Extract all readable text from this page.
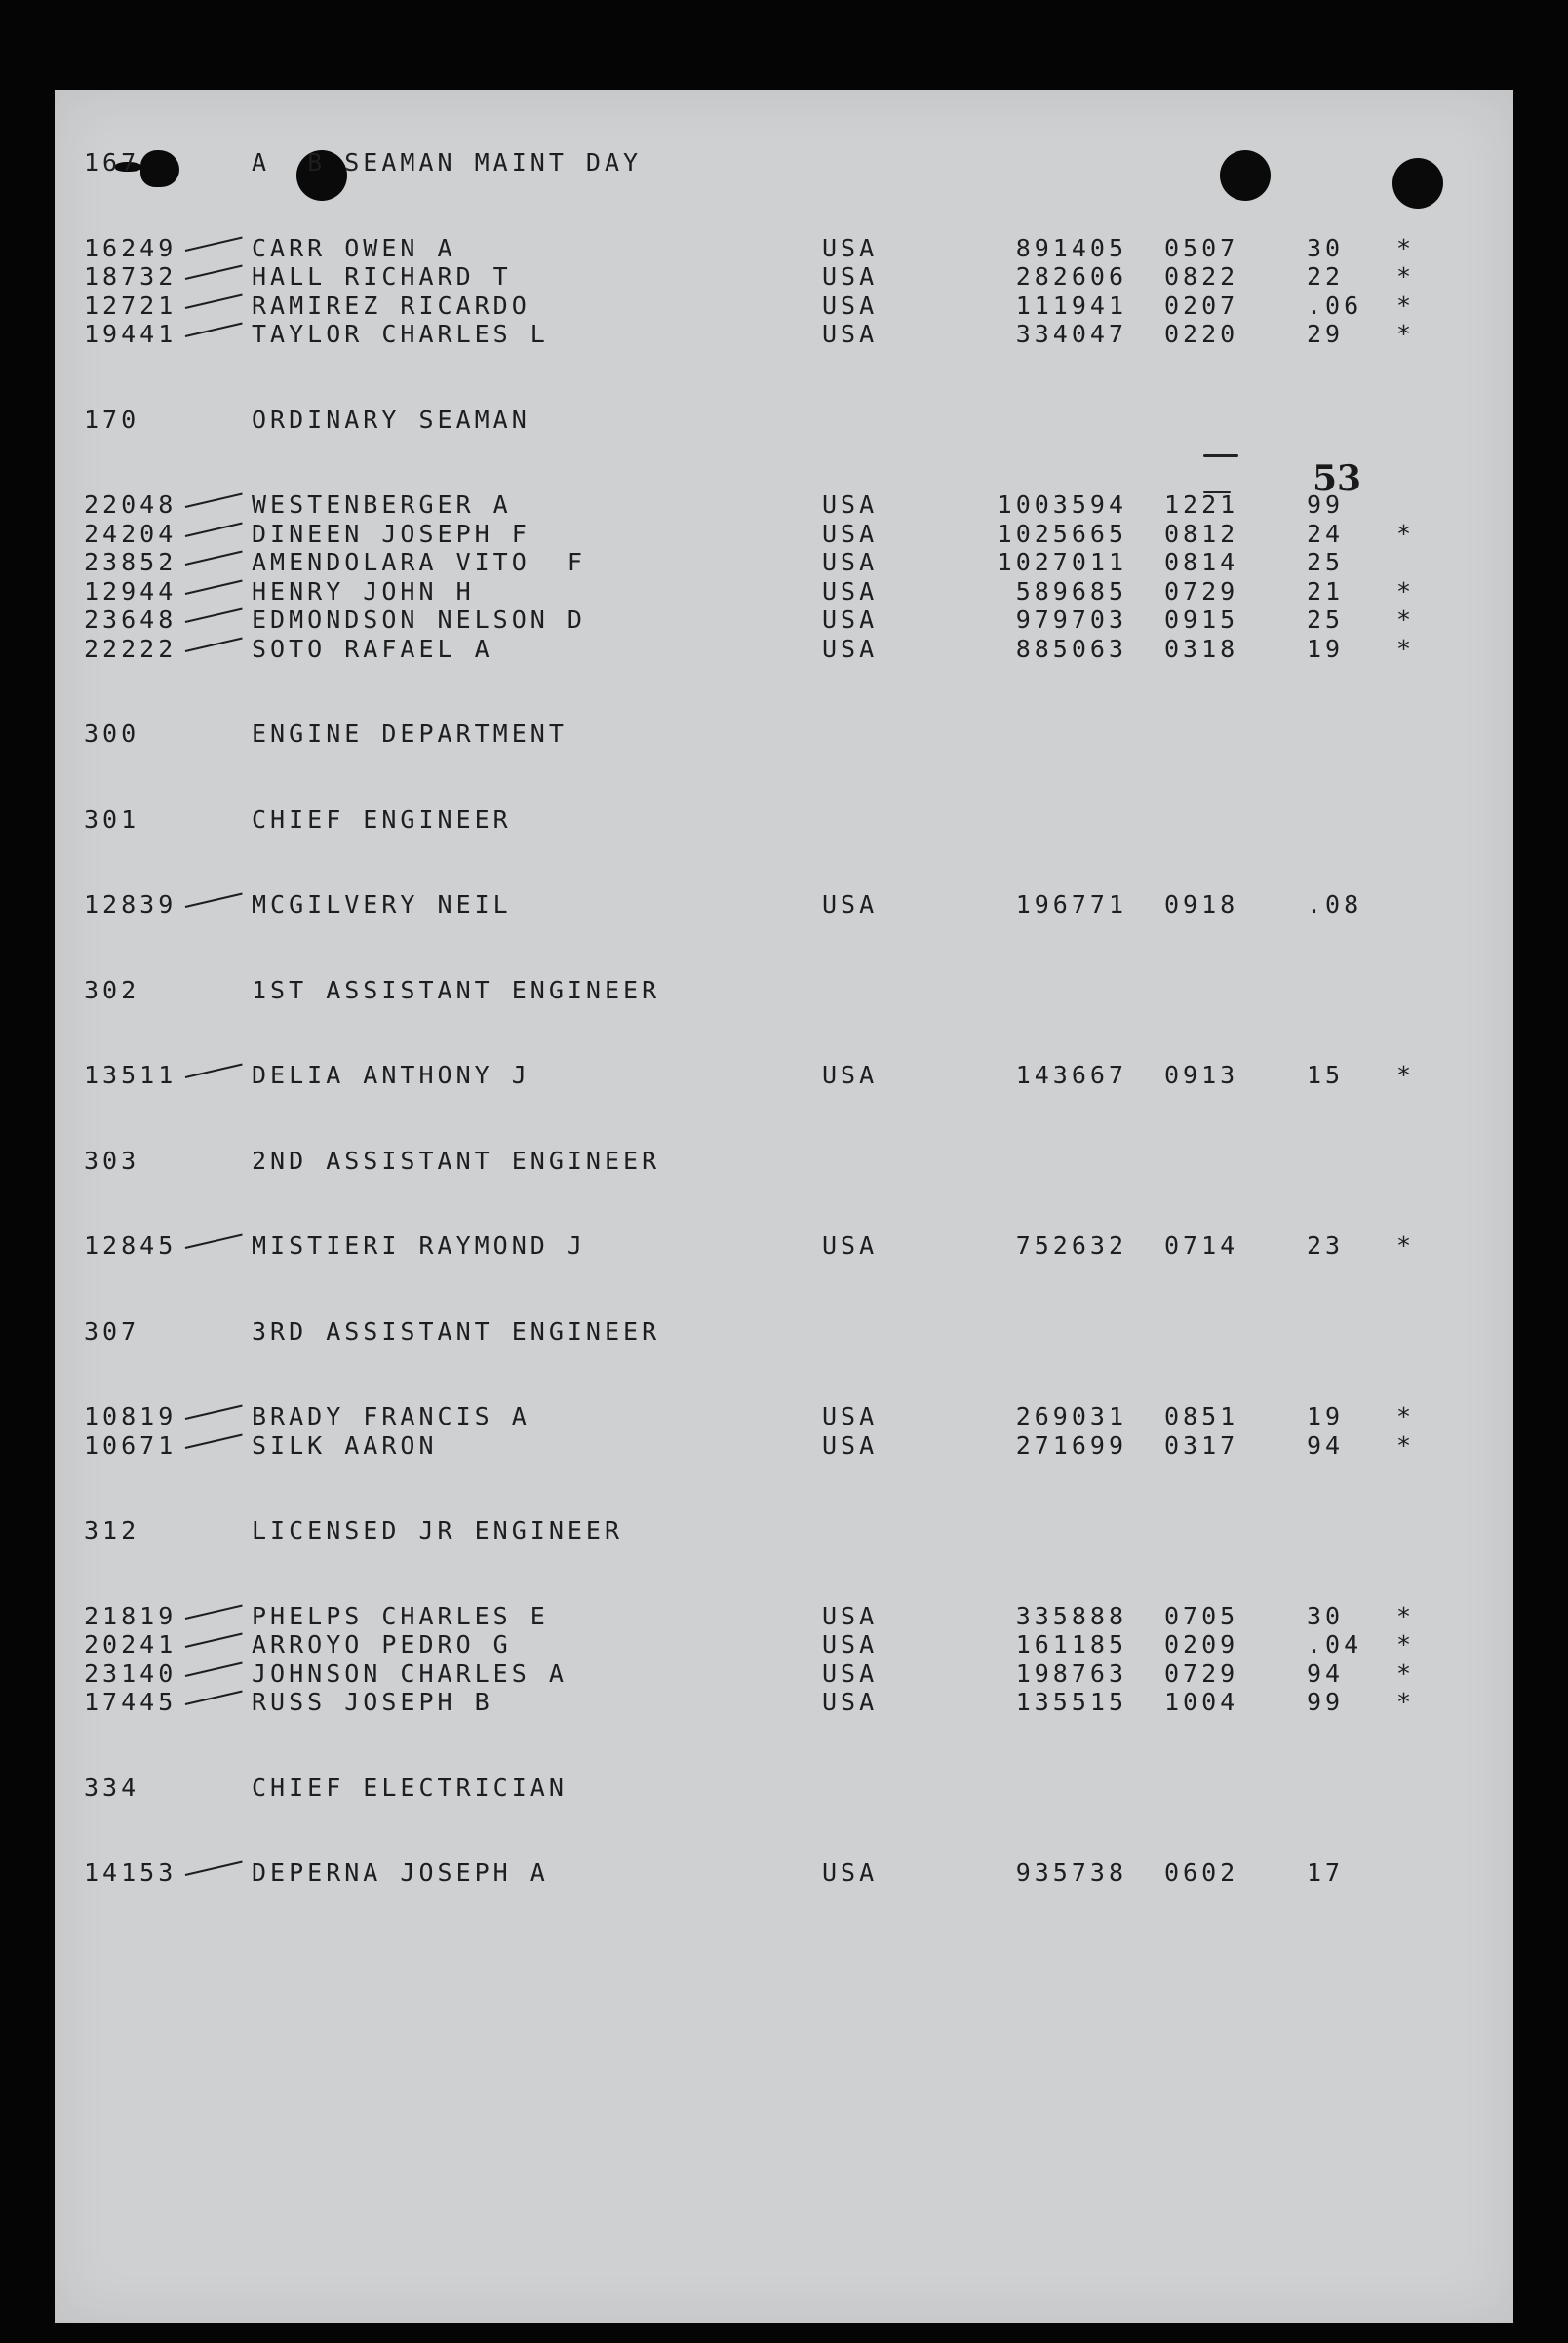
53
167	A  B SEAMAN MAINT DAY
16249	CARR OWEN A	USA	891405 0507	30 *
18732	HALL RICHARD T	USA	282606 0822	22 *
12721	RAMIREZ RICARDO	USA	111941 0207	.06 *
19441	TAYLOR CHARLES L	USA	334047 0220	29 *
170	ORDINARY SEAMAN
22048	WESTENBERGER A	USA	1003594 1221	99
24204	DINEEN JOSEPH F	USA	1025665 0812	24 *
23852	AMENDOLARA VITO  F	USA	1027011 0814	25
12944	HENRY JOHN H	USA	589685 0729	21 *
23648	EDMONDSON NELSON D	USA	979703 0915	25 *
22222	SOTO RAFAEL A	USA	885063 0318	19 *
300	ENGINE DEPARTMENT
301	CHIEF ENGINEER
12839	MCGILVERY NEIL	USA	196771 0918	.08
302	1ST ASSISTANT ENGINEER
13511	DELIA ANTHONY J	USA	143667 0913	15 *
303	2ND ASSISTANT ENGINEER
12845	MISTIERI RAYMOND J	USA	752632 0714	23 *
307	3RD ASSISTANT ENGINEER
10819	BRADY FRANCIS A	USA	269031 0851	19 *
10671	SILK AARON	USA	271699 0317	94 *
312	LICENSED JR ENGINEER
21819	PHELPS CHARLES E	USA	335888 0705	30 *
20241	ARROYO PEDRO G	USA	161185 0209	.04 *
23140	JOHNSON CHARLES A	USA	198763 0729	94 *
17445	RUSS JOSEPH B	USA	135515 1004	99 *
334	CHIEF ELECTRICIAN
14153	DEPERNA JOSEPH A	USA	935738 0602	17
